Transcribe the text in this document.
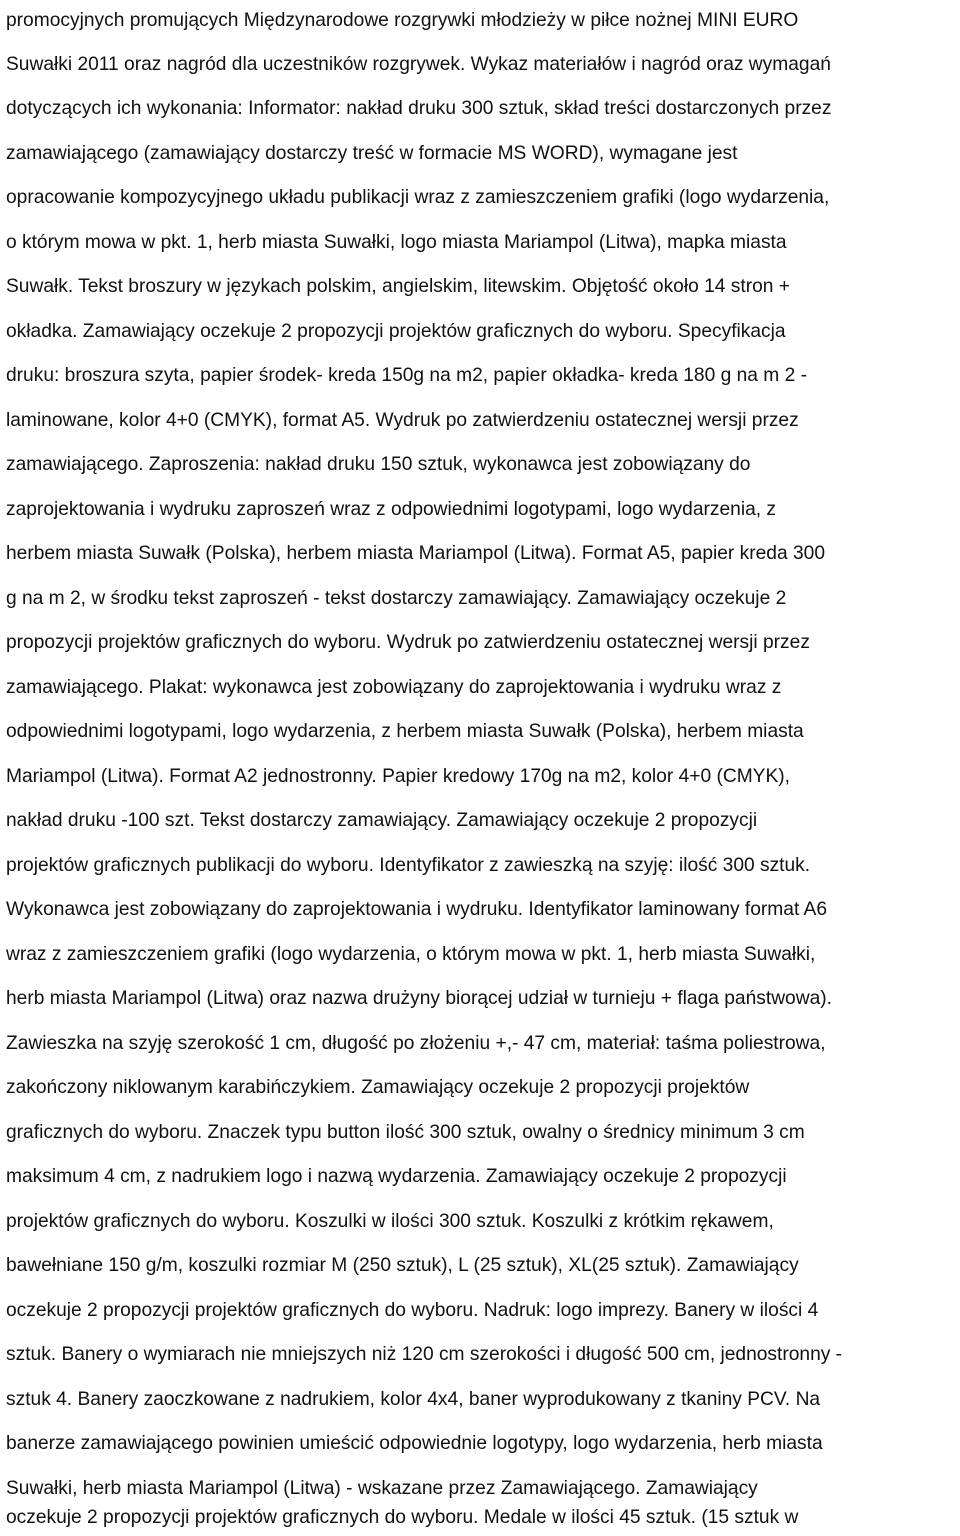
promocyjnych promujących Międzynarodowe rozgrywki młodzieży w piłce nożnej MINI EURO
Suwałki 2011 oraz nagród dla uczestników rozgrywek. Wykaz materiałów i nagród oraz wymagań
dotyczących ich wykonania: Informator: nakład druku 300 sztuk, skład treści dostarczonych przez
zamawiającego (zamawiający dostarczy treść w formacie MS WORD), wymagane jest
opracowanie kompozycyjnego układu publikacji wraz z zamieszczeniem grafiki (logo wydarzenia,
o którym mowa w pkt. 1, herb miasta Suwałki, logo miasta Mariampol (Litwa), mapka miasta
Suwałk. Tekst broszury w językach polskim, angielskim, litewskim. Objętość około 14 stron +
okładka. Zamawiający oczekuje 2 propozycji projektów graficznych do wyboru. Specyfikacja
druku: broszura szyta, papier środek- kreda 150g na m2, papier okładka- kreda 180 g na m 2 -
laminowane, kolor 4+0 (CMYK), format A5. Wydruk po zatwierdzeniu ostatecznej wersji przez
zamawiającego. Zaproszenia: nakład druku 150 sztuk, wykonawca jest zobowiązany do
zaprojektowania i wydruku zaproszeń wraz z odpowiednimi logotypami, logo wydarzenia, z
herbem miasta Suwałk (Polska), herbem miasta Mariampol (Litwa). Format A5, papier kreda 300
g na m 2, w środku tekst zaproszeń - tekst dostarczy zamawiający. Zamawiający oczekuje 2
propozycji projektów graficznych do wyboru. Wydruk po zatwierdzeniu ostatecznej wersji przez
zamawiającego. Plakat: wykonawca jest zobowiązany do zaprojektowania i wydruku wraz z
odpowiednimi logotypami, logo wydarzenia, z herbem miasta Suwałk (Polska), herbem miasta
Mariampol (Litwa). Format A2 jednostronny. Papier kredowy 170g na m2, kolor 4+0 (CMYK),
nakład druku -100 szt. Tekst dostarczy zamawiający. Zamawiający oczekuje 2 propozycji
projektów graficznych publikacji do wyboru. Identyfikator z zawieszką na szyję: ilość 300 sztuk.
Wykonawca jest zobowiązany do zaprojektowania i wydruku. Identyfikator laminowany format A6
wraz z zamieszczeniem grafiki (logo wydarzenia, o którym mowa w pkt. 1, herb miasta Suwałki,
herb miasta Mariampol (Litwa) oraz nazwa drużyny biorącej udział w turnieju + flaga państwowa).
Zawieszka na szyję szerokość 1 cm, długość po złożeniu +,- 47 cm, materiał: taśma poliestrowa,
zakończony niklowanym karabińczykiem. Zamawiający oczekuje 2 propozycji projektów
graficznych do wyboru. Znaczek typu button ilość 300 sztuk, owalny o średnicy minimum 3 cm
maksimum 4 cm, z nadrukiem logo i nazwą wydarzenia. Zamawiający oczekuje 2 propozycji
projektów graficznych do wyboru. Koszulki w ilości 300 sztuk. Koszulki z krótkim rękawem,
bawełniane 150 g/m, koszulki rozmiar M (250 sztuk), L (25 sztuk), XL(25 sztuk). Zamawiający
oczekuje 2 propozycji projektów graficznych do wyboru. Nadruk: logo imprezy. Banery w ilości 4
sztuk. Banery o wymiarach nie mniejszych niż 120 cm szerokości i długość 500 cm, jednostronny -
sztuk 4. Banery zaoczkowane z nadrukiem, kolor 4x4, baner wyprodukowany z tkaniny PCV. Na
banerze zamawiającego powinien umieścić odpowiednie logotypy, logo wydarzenia, herb miasta
Suwałki, herb miasta Mariampol (Litwa) - wskazane przez Zamawiającego. Zamawiający
oczekuje 2 propozycji projektów graficznych do wyboru. Medale w ilości 45 sztuk. (15 sztuk w
